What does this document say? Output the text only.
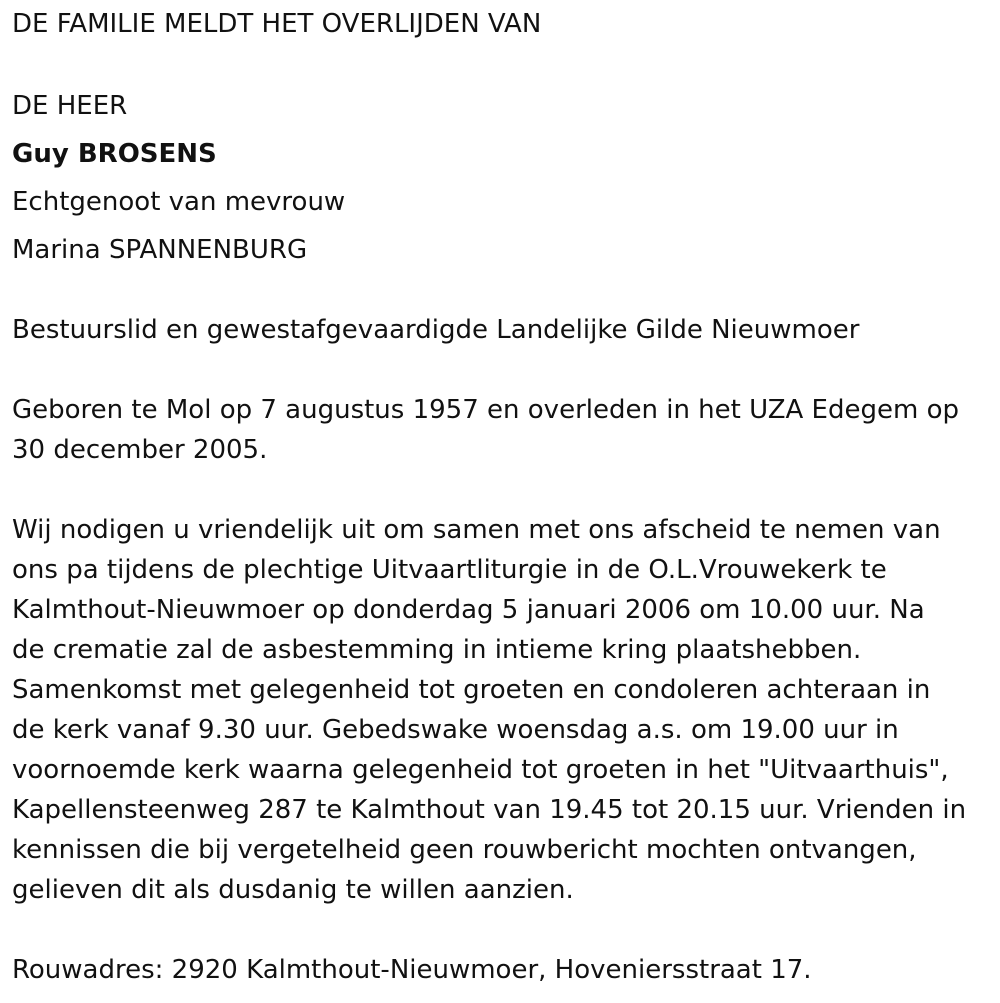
DE FAMILIE MELDT HET OVERLIJDEN VAN

DE HEER

Guy BROSENS

Echtgenoot van mevrouw

Marina SPANNENBURG

Bestuurslid en gewestafgevaardigde Landelijke Gilde Nieuwmoer

Geboren te Mol op 7 augustus 1957 en overleden in het UZA Edegem op
30 december 2005.
Wij nodigen u vriendelijk uit om samen met ons afscheid te nemen van
ons pa tijdens de plechtige Uitvaartliturgie in de O.L.Vrouwekerk te
Kalmthout-Nieuwmoer op donderdag 5 januari 2006 om 10.00 uur. Na
de crematie zal de asbestemming in intieme kring plaatshebben.
Samenkomst met gelegenheid tot groeten en condoleren achteraan in
de kerk vanaf 9.30 uur. Gebedswake woensdag a.s. om 19.00 uur in
voornoemde kerk waarna gelegenheid tot groeten in het "Uitvaarthuis",
Kapellensteenweg 287 te Kalmthout van 19.45 tot 20.15 uur. Vrienden in
kennissen die bij vergetelheid geen rouwbericht mochten ontvangen,
gelieven dit als dusdanig te willen aanzien.

Rouwadres: 2920 Kalmthout-Nieuwmoer, Hoveniersstraat 17.
